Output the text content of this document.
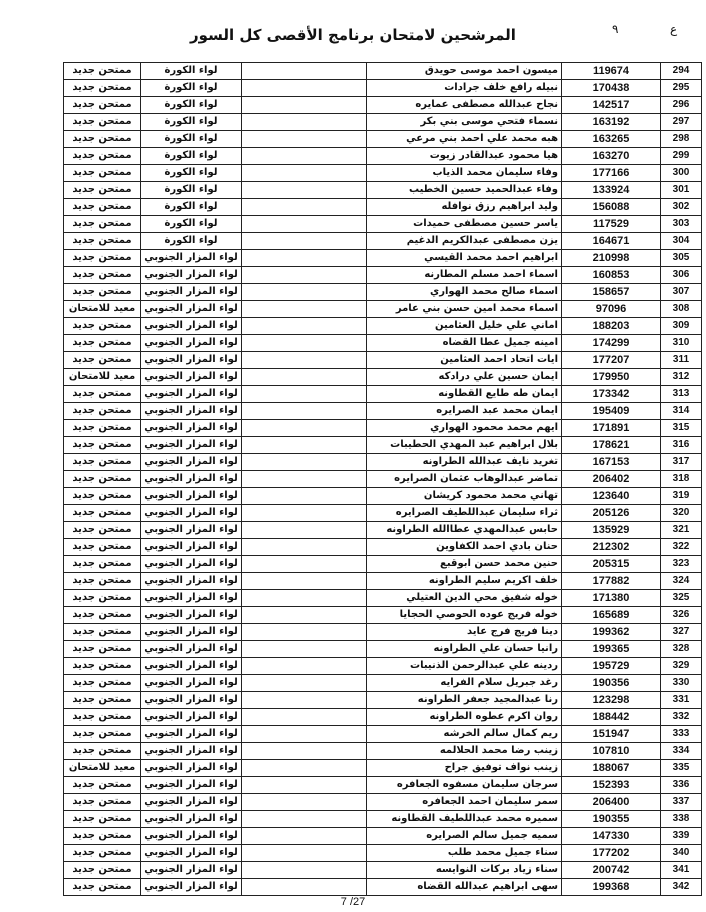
٩	ع
المرشحين لامتحان برنامج الأقصى كل السور
294	119674	ميسون احمد موسى حويدق		لواء الكورة	ممتحن جديد
295	170438	نبيله رافع خلف جرادات		لواء الكورة	ممتحن جديد
296	142517	نجاح عبدالله مصطفى عمايره		لواء الكورة	ممتحن جديد
297	163192	نسماء فتحي موسى بني بكر		لواء الكورة	ممتحن جديد
298	163265	هبه محمد علي احمد بني مرعي		لواء الكورة	ممتحن جديد
299	163270	هيا محمود عبدالقادر زيوت		لواء الكورة	ممتحن جديد
300	177166	وفاء سليمان محمد الذياب		لواء الكورة	ممتحن جديد
301	133924	وفاء عبدالحميد حسين الخطيب		لواء الكورة	ممتحن جديد
302	156088	وليد ابراهيم رزق نوافله		لواء الكورة	ممتحن جديد
303	117529	ياسر حسين مصطفى حميدات		لواء الكورة	ممتحن جديد
304	164671	يزن مصطفى عبدالكريم الدغيم		لواء الكورة	ممتحن جديد
305	210998	ابراهيم احمد محمد القيسي		لواء المزار الجنوبي	ممتحن جديد
306	160853	اسماء احمد مسلم المطارنه		لواء المزار الجنوبي	ممتحن جديد
307	158657	اسماء صالح محمد الهواري		لواء المزار الجنوبي	ممتحن جديد
308	97096	اسماء محمد امين حسن بني عامر		لواء المزار الجنوبي	معيد للامتحان
309	188203	اماني علي خليل العثامين		لواء المزار الجنوبي	ممتحن جديد
310	174299	امينه جميل عطا القضاه		لواء المزار الجنوبي	ممتحن جديد
311	177207	ايات اتحاد احمد العثامين		لواء المزار الجنوبي	ممتحن جديد
312	179950	ايمان حسين علي درادكه		لواء المزار الجنوبي	معيد للامتحان
313	173342	ايمان طه طايع القطاونه		لواء المزار الجنوبي	ممتحن جديد
314	195409	ايمان محمد عبد الصرايره		لواء المزار الجنوبي	ممتحن جديد
315	171891	ايهم محمد محمود الهواري		لواء المزار الجنوبي	ممتحن جديد
316	178621	بلال ابراهيم عبد المهدي الحطيبات		لواء المزار الجنوبي	ممتحن جديد
317	167153	تغريد نايف عبدالله الطراونه		لواء المزار الجنوبي	ممتحن جديد
318	206402	تماضر عبدالوهاب عثمان الصرايره		لواء المزار الجنوبي	ممتحن جديد
319	123640	تهاني محمد محمود كريشان		لواء المزار الجنوبي	ممتحن جديد
320	205126	ثراء سليمان عبداللطيف الصرايره		لواء المزار الجنوبي	ممتحن جديد
321	135929	حابس عبدالمهدي عطاالله الطراونه		لواء المزار الجنوبي	ممتحن جديد
322	212302	حنان بادي احمد الكفاوين		لواء المزار الجنوبي	ممتحن جديد
323	205315	حنين محمد حسن ابوقبع		لواء المزار الجنوبي	ممتحن جديد
324	177882	خلف اكريم سليم الطراونه		لواء المزار الجنوبي	ممتحن جديد
325	171380	خوله شفيق محي الدين العتيلي		لواء المزار الجنوبي	ممتحن جديد
326	165689	خوله فريج عوده الحوصي الحجايا		لواء المزار الجنوبي	ممتحن جديد
327	199362	دينا فريج فرج عايد		لواء المزار الجنوبي	ممتحن جديد
328	199365	رانيا حسان علي الطراونه		لواء المزار الجنوبي	ممتحن جديد
329	195729	ردينه علي عبدالرحمن الذنيبات		لواء المزار الجنوبي	ممتحن جديد
330	190356	رغد جبريل سلام الفرايه		لواء المزار الجنوبي	ممتحن جديد
331	123298	رنا عبدالمجيد جعفر الطراونه		لواء المزار الجنوبي	ممتحن جديد
332	188442	روان اكرم عطوه الطراونه		لواء المزار الجنوبي	ممتحن جديد
333	151947	ريم كمال سالم الخرشه		لواء المزار الجنوبي	ممتحن جديد
334	107810	زينب رضا محمد الحلالمه		لواء المزار الجنوبي	ممتحن جديد
335	188067	زينب نواف توفيق جراح		لواء المزار الجنوبي	معيد للامتحان
336	152393	سرجان سليمان مسفوه الجعافره		لواء المزار الجنوبي	ممتحن جديد
337	206400	سمر سليمان احمد الجعافره		لواء المزار الجنوبي	ممتحن جديد
338	190355	سميره محمد عبداللطيف القطاونه		لواء المزار الجنوبي	ممتحن جديد
339	147330	سميه جميل سالم الصرايره		لواء المزار الجنوبي	ممتحن جديد
340	177202	سناء جميل محمد طلب		لواء المزار الجنوبي	ممتحن جديد
341	200742	سناء زياد بركات النوايسه		لواء المزار الجنوبي	ممتحن جديد
342	199368	سهى ابراهيم عبدالله القضاه		لواء المزار الجنوبي	ممتحن جديد
7 /27
